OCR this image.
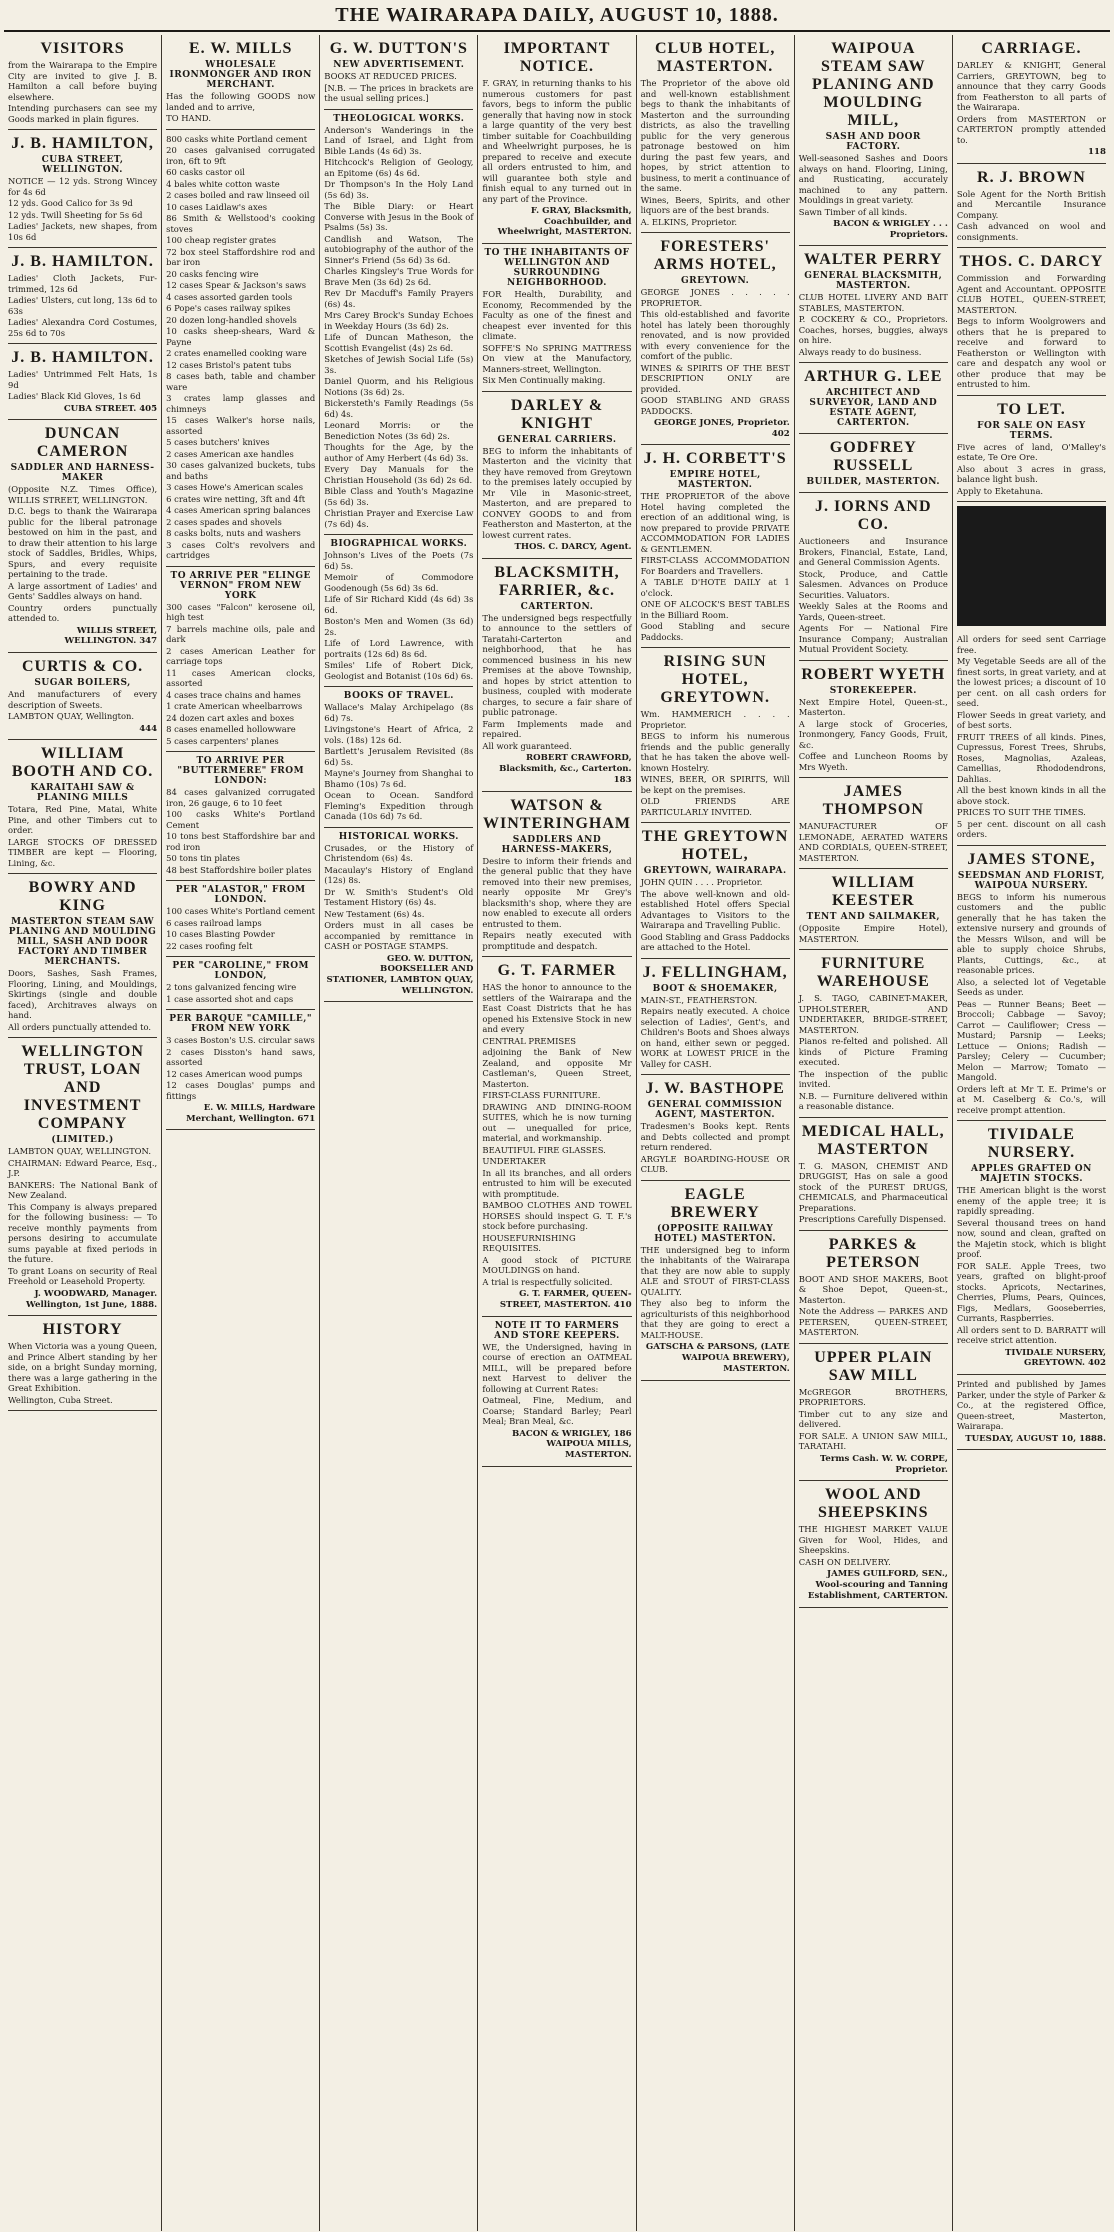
THE WAIRARAPA DAILY, AUGUST 10, 1888.
VISITORS

from the Wairarapa to the Empire City are invited to give J. B. Hamilton a call before buying elsewhere.

Intending purchasers can see my Goods marked in plain figures.

J. B. HAMILTON,
CUBA STREET, WELLINGTON.

NOTICE — 12 yds. Strong Wincey for 4s 6d

12 yds. Good Calico for 3s 9d

12 yds. Twill Sheeting for 5s 6d

Ladies' Jackets, new shapes, from 10s 6d

J. B. HAMILTON.

Ladies' Cloth Jackets, Fur-trimmed, 12s 6d

Ladies' Ulsters, cut long, 13s 6d to 63s

Ladies' Alexandra Cord Costumes, 25s 6d to 70s

J. B. HAMILTON.

Ladies' Untrimmed Felt Hats, 1s 9d

Ladies' Black Kid Gloves, 1s 6d

CUBA STREET. 405

DUNCAN CAMERON
SADDLER AND HARNESS-MAKER

(Opposite N.Z. Times Office), WILLIS STREET, WELLINGTON.

D.C. begs to thank the Wairarapa public for the liberal patronage bestowed on him in the past, and to draw their attention to his large stock of Saddles, Bridles, Whips, Spurs, and every requisite pertaining to the trade.

A large assortment of Ladies' and Gents' Saddles always on hand.

Country orders punctually attended to.

WILLIS STREET, WELLINGTON. 347

CURTIS & CO.
SUGAR BOILERS,

And manufacturers of every description of Sweets.

LAMBTON QUAY, Wellington.

444

WILLIAM BOOTH AND CO.
KARAITAHI SAW & PLANING MILLS

Totara, Red Pine, Matai, White Pine, and other Timbers cut to order.

LARGE STOCKS OF DRESSED TIMBER are kept — Flooring, Lining, &c.

BOWRY AND KING
MASTERTON STEAM SAW PLANING AND MOULDING MILL, SASH AND DOOR FACTORY AND TIMBER MERCHANTS.

Doors, Sashes, Sash Frames, Flooring, Lining, and Mouldings, Skirtings (single and double faced), Architraves always on hand.

All orders punctually attended to.

WELLINGTON TRUST, LOAN AND INVESTMENT COMPANY
(LIMITED.)

LAMBTON QUAY, WELLINGTON.

CHAIRMAN: Edward Pearce, Esq., J.P.

BANKERS: The National Bank of New Zealand.

This Company is always prepared for the following business: — To receive monthly payments from persons desiring to accumulate sums payable at fixed periods in the future.

To grant Loans on security of Real Freehold or Leasehold Property.

J. WOODWARD, Manager. Wellington, 1st June, 1888.

HISTORY

When Victoria was a young Queen, and Prince Albert standing by her side, on a bright Sunday morning, there was a large gathering in the Great Exhibition.

Wellington, Cuba Street.

E. W. MILLS
WHOLESALE IRONMONGER AND IRON MERCHANT.

Has the following GOODS now landed and to arrive,

TO HAND.

800 casks white Portland cement

20 cases galvanised corrugated iron, 6ft to 9ft

60 casks castor oil

4 bales white cotton waste

2 cases boiled and raw linseed oil

10 cases Laidlaw's axes

86 Smith & Wellstood's cooking stoves

100 cheap register grates

72 box steel Staffordshire rod and bar iron

20 casks fencing wire

12 cases Spear & Jackson's saws

4 cases assorted garden tools

6 Pope's cases railway spikes

20 dozen long-handled shovels

10 casks sheep-shears, Ward & Payne

2 crates enamelled cooking ware

12 cases Bristol's patent tubs

8 cases bath, table and chamber ware

3 crates lamp glasses and chimneys

15 cases Walker's horse nails, assorted

5 cases butchers' knives

2 cases American axe handles

30 cases galvanized buckets, tubs and baths

3 cases Howe's American scales

6 crates wire netting, 3ft and 4ft

4 cases American spring balances

2 cases spades and shovels

8 casks bolts, nuts and washers

3 cases Colt's revolvers and cartridges

TO ARRIVE PER "ELINGE VERNON" FROM NEW YORK

300 cases "Falcon" kerosene oil, high test

7 barrels machine oils, pale and dark

2 cases American Leather for carriage tops

11 cases American clocks, assorted

4 cases trace chains and hames

1 crate American wheelbarrows

24 dozen cart axles and boxes

8 cases enamelled hollowware

5 cases carpenters' planes

TO ARRIVE PER "BUTTERMERE" FROM LONDON:

84 cases galvanized corrugated iron, 26 gauge, 6 to 10 feet

100 casks White's Portland Cement

10 tons best Staffordshire bar and rod iron

50 tons tin plates

48 best Staffordshire boiler plates

PER "ALASTOR," FROM LONDON.

100 cases White's Portland cement

6 cases railroad lamps

10 cases Blasting Powder

22 cases roofing felt

PER "CAROLINE," FROM LONDON,

2 tons galvanized fencing wire

1 case assorted shot and caps

PER BARQUE "CAMILLE," FROM NEW YORK

3 cases Boston's U.S. circular saws

2 cases Disston's hand saws, assorted

12 cases American wood pumps

12 cases Douglas' pumps and fittings

E. W. MILLS, Hardware Merchant, Wellington. 671

G. W. DUTTON'S
NEW ADVERTISEMENT.

BOOKS AT REDUCED PRICES.

[N.B. — The prices in brackets are the usual selling prices.]

THEOLOGICAL WORKS.

Anderson's Wanderings in the Land of Israel, and Light from Bible Lands (4s 6d) 3s.

Hitchcock's Religion of Geology, an Epitome (6s) 4s 6d.

Dr Thompson's In the Holy Land (5s 6d) 3s.

The Bible Diary: or Heart Converse with Jesus in the Book of Psalms (5s) 3s.

Candlish and Watson, The autobiography of the author of the Sinner's Friend (5s 6d) 3s 6d.

Charles Kingsley's True Words for Brave Men (3s 6d) 2s 6d.

Rev Dr Macduff's Family Prayers (6s) 4s.

Mrs Carey Brock's Sunday Echoes in Weekday Hours (3s 6d) 2s.

Life of Duncan Matheson, the Scottish Evangelist (4s) 2s 6d.

Sketches of Jewish Social Life (5s) 3s.

Daniel Quorm, and his Religious Notions (3s 6d) 2s.

Bickersteth's Family Readings (5s 6d) 4s.

Leonard Morris: or the Benediction Notes (3s 6d) 2s.

Thoughts for the Age, by the author of Amy Herbert (4s 6d) 3s.

Every Day Manuals for the Christian Household (3s 6d) 2s 6d.

Bible Class and Youth's Magazine (5s 6d) 3s.

Christian Prayer and Exercise Law (7s 6d) 4s.

BIOGRAPHICAL WORKS.

Johnson's Lives of the Poets (7s 6d) 5s.

Memoir of Commodore Goodenough (5s 6d) 3s 6d.

Life of Sir Richard Kidd (4s 6d) 3s 6d.

Boston's Men and Women (3s 6d) 2s.

Life of Lord Lawrence, with portraits (12s 6d) 8s 6d.

Smiles' Life of Robert Dick, Geologist and Botanist (10s 6d) 6s.

BOOKS OF TRAVEL.

Wallace's Malay Archipelago (8s 6d) 7s.

Livingstone's Heart of Africa, 2 vols. (18s) 12s 6d.

Bartlett's Jerusalem Revisited (8s 6d) 5s.

Mayne's Journey from Shanghai to Bhamo (10s) 7s 6d.

Ocean to Ocean. Sandford Fleming's Expedition through Canada (10s 6d) 7s 6d.

HISTORICAL WORKS.

Crusades, or the History of Christendom (6s) 4s.

Macaulay's History of England (12s) 8s.

Dr W. Smith's Student's Old Testament History (6s) 4s.

New Testament (6s) 4s.

Orders must in all cases be accompanied by remittance in CASH or POSTAGE STAMPS.

GEO. W. DUTTON, BOOKSELLER AND STATIONER, LAMBTON QUAY, WELLINGTON.

IMPORTANT NOTICE.

F. GRAY, in returning thanks to his numerous customers for past favors, begs to inform the public generally that having now in stock a large quantity of the very best timber suitable for Coachbuilding and Wheelwright purposes, he is prepared to receive and execute all orders entrusted to him, and will guarantee both style and finish equal to any turned out in any part of the Province.

F. GRAY, Blacksmith, Coachbuilder, and Wheelwright, MASTERTON.

TO THE INHABITANTS OF WELLINGTON AND SURROUNDING NEIGHBORHOOD.

FOR Health, Durability, and Economy, Recommended by the Faculty as one of the finest and cheapest ever invented for this climate.

SOFFE'S No SPRING MATTRESS On view at the Manufactory, Manners-street, Wellington.

Six Men Continually making.

DARLEY & KNIGHT
GENERAL CARRIERS.

BEG to inform the inhabitants of Masterton and the vicinity that they have removed from Greytown to the premises lately occupied by Mr Vile in Masonic-street, Masterton, and are prepared to CONVEY GOODS to and from Featherston and Masterton, at the lowest current rates.

THOS. C. DARCY, Agent.

BLACKSMITH, FARRIER, &c.
CARTERTON.

The undersigned begs respectfully to announce to the settlers of Taratahi-Carterton and neighborhood, that he has commenced business in his new Premises at the above Township, and hopes by strict attention to business, coupled with moderate charges, to secure a fair share of public patronage.

Farm Implements made and repaired.

All work guaranteed.

ROBERT CRAWFORD, Blacksmith, &c., Carterton. 183

WATSON & WINTERINGHAM
SADDLERS AND HARNESS-MAKERS,

Desire to inform their friends and the general public that they have removed into their new premises, nearly opposite Mr Grey's blacksmith's shop, where they are now enabled to execute all orders entrusted to them.

Repairs neatly executed with promptitude and despatch.

G. T. FARMER

HAS the honor to announce to the settlers of the Wairarapa and the East Coast Districts that he has opened his Extensive Stock in new and every

CENTRAL PREMISES

adjoining the Bank of New Zealand, and opposite Mr Castleman's, Queen Street, Masterton.

FIRST-CLASS FURNITURE.

DRAWING AND DINING-ROOM SUITES, which he is now turning out — unequalled for price, material, and workmanship.

BEAUTIFUL FIRE GLASSES.

UNDERTAKER

In all its branches, and all orders entrusted to him will be executed with promptitude.

BAMBOO CLOTHES AND TOWEL HORSES should inspect G. T. F.'s stock before purchasing.

HOUSEFURNISHING REQUISITES.

A good stock of PICTURE MOULDINGS on hand.

A trial is respectfully solicited.

G. T. FARMER, QUEEN-STREET, MASTERTON. 410

NOTE IT TO FARMERS AND STORE KEEPERS.

WE, the Undersigned, having in course of erection an OATMEAL MILL, will be prepared before next Harvest to deliver the following at Current Rates:

Oatmeal, Fine, Medium, and Coarse; Standard Barley; Pearl Meal; Bran Meal, &c.

BACON & WRIGLEY, 186 WAIPOUA MILLS, MASTERTON.

CLUB HOTEL, MASTERTON.

The Proprietor of the above old and well-known establishment begs to thank the inhabitants of Masterton and the surrounding districts, as also the travelling public for the very generous patronage bestowed on him during the past few years, and hopes, by strict attention to business, to merit a continuance of the same.

Wines, Beers, Spirits, and other liquors are of the best brands.

A. ELKINS, Proprietor.

FORESTERS' ARMS HOTEL,
GREYTOWN.

GEORGE JONES . . . . . PROPRIETOR.

This old-established and favorite hotel has lately been thoroughly renovated, and is now provided with every convenience for the comfort of the public.

WINES & SPIRITS OF THE BEST DESCRIPTION ONLY are provided.

GOOD STABLING AND GRASS PADDOCKS.

GEORGE JONES, Proprietor. 402

J. H. CORBETT'S
EMPIRE HOTEL, MASTERTON.

THE PROPRIETOR of the above Hotel having completed the erection of an additional wing, is now prepared to provide PRIVATE ACCOMMODATION FOR LADIES & GENTLEMEN.

FIRST-CLASS ACCOMMODATION For Boarders and Travellers.

A TABLE D'HOTE DAILY at 1 o'clock.

ONE OF ALCOCK'S BEST TABLES in the Billiard Room.

Good Stabling and secure Paddocks.

RISING SUN HOTEL, GREYTOWN.

Wm. HAMMERICH . . . . Proprietor.

BEGS to inform his numerous friends and the public generally that he has taken the above well-known Hostelry.

WINES, BEER, OR SPIRITS, Will be kept on the premises.

OLD FRIENDS ARE PARTICULARLY INVITED.

THE GREYTOWN HOTEL,
GREYTOWN, WAIRARAPA.

JOHN QUIN . . . . Proprietor.

The above well-known and old-established Hotel offers Special Advantages to Visitors to the Wairarapa and Travelling Public.

Good Stabling and Grass Paddocks are attached to the Hotel.

J. FELLINGHAM,
BOOT & SHOEMAKER,

MAIN-ST., FEATHERSTON.

Repairs neatly executed. A choice selection of Ladies', Gent's, and Children's Boots and Shoes always on hand, either sewn or pegged. WORK at LOWEST PRICE in the Valley for CASH.

J. W. BASTHOPE
GENERAL COMMISSION AGENT, MASTERTON.

Tradesmen's Books kept. Rents and Debts collected and prompt return rendered.

ARGYLE BOARDING-HOUSE OR CLUB.

EAGLE BREWERY
(OPPOSITE RAILWAY HOTEL) MASTERTON.

THE undersigned beg to inform the inhabitants of the Wairarapa that they are now able to supply ALE and STOUT of FIRST-CLASS QUALITY.

They also beg to inform the agriculturists of this neighborhood that they are going to erect a MALT-HOUSE.

GATSCHA & PARSONS, (LATE WAIPOUA BREWERY), MASTERTON.

WAIPOUA STEAM SAW PLANING AND MOULDING MILL,
SASH AND DOOR FACTORY.

Well-seasoned Sashes and Doors always on hand. Flooring, Lining, and Rusticating, accurately machined to any pattern. Mouldings in great variety.

Sawn Timber of all kinds.

BACON & WRIGLEY . . . Proprietors.

WALTER PERRY
GENERAL BLACKSMITH, MASTERTON.

CLUB HOTEL LIVERY AND BAIT STABLES, MASTERTON.

P. COCKERY & CO., Proprietors. Coaches, horses, buggies, always on hire.

Always ready to do business.

ARTHUR G. LEE
ARCHITECT AND SURVEYOR, LAND AND ESTATE AGENT, CARTERTON.
GODFREY RUSSELL
BUILDER, MASTERTON.
J. IORNS AND CO.

Auctioneers and Insurance Brokers, Financial, Estate, Land, and General Commission Agents.

Stock, Produce, and Cattle Salesmen. Advances on Produce Securities. Valuators.

Weekly Sales at the Rooms and Yards, Queen-street.

Agents For — National Fire Insurance Company; Australian Mutual Provident Society.

ROBERT WYETH
STOREKEEPER.

Next Empire Hotel, Queen-st., Masterton.

A large stock of Groceries, Ironmongery, Fancy Goods, Fruit, &c.

Coffee and Luncheon Rooms by Mrs Wyeth.

JAMES THOMPSON

MANUFACTURER OF LEMONADE, AERATED WATERS AND CORDIALS, QUEEN-STREET, MASTERTON.

WILLIAM KEESTER
TENT AND SAILMAKER,

(Opposite Empire Hotel), MASTERTON.

FURNITURE WAREHOUSE

J. S. TAGO, CABINET-MAKER, UPHOLSTERER, AND UNDERTAKER, BRIDGE-STREET, MASTERTON.

Pianos re-felted and polished. All kinds of Picture Framing executed.

The inspection of the public invited.

N.B. — Furniture delivered within a reasonable distance.

MEDICAL HALL, MASTERTON

T. G. MASON, CHEMIST AND DRUGGIST, Has on sale a good stock of the PUREST DRUGS, CHEMICALS, and Pharmaceutical Preparations.

Prescriptions Carefully Dispensed.

PARKES & PETERSON

BOOT AND SHOE MAKERS, Boot & Shoe Depot, Queen-st., Masterton.

Note the Address — PARKES AND PETERSEN, QUEEN-STREET, MASTERTON.

UPPER PLAIN SAW MILL

McGREGOR BROTHERS, PROPRIETORS.

Timber cut to any size and delivered.

FOR SALE. A UNION SAW MILL, TARATAHI.

Terms Cash. W. W. CORPE, Proprietor.

WOOL AND SHEEPSKINS

THE HIGHEST MARKET VALUE Given for Wool, Hides, and Sheepskins.

CASH ON DELIVERY.

JAMES GUILFORD, SEN., Wool-scouring and Tanning Establishment, CARTERTON.

CARRIAGE.

DARLEY & KNIGHT, General Carriers, GREYTOWN, beg to announce that they carry Goods from Featherston to all parts of the Wairarapa.

Orders from MASTERTON or CARTERTON promptly attended to.

118

R. J. BROWN

Sole Agent for the North British and Mercantile Insurance Company.

Cash advanced on wool and consignments.

THOS. C. DARCY

Commission and Forwarding Agent and Accountant. OPPOSITE CLUB HOTEL, QUEEN-STREET, MASTERTON.

Begs to inform Woolgrowers and others that he is prepared to receive and forward to Featherston or Wellington with care and despatch any wool or other produce that may be entrusted to him.

TO LET.
FOR SALE ON EASY TERMS.

Five acres of land, O'Malley's estate, Te Ore Ore.

Also about 3 acres in grass, balance light bush.

Apply to Eketahuna.

All orders for seed sent Carriage free.

My Vegetable Seeds are all of the finest sorts, in great variety, and at the lowest prices; a discount of 10 per cent. on all cash orders for seed.

Flower Seeds in great variety, and of best sorts.

FRUIT TREES of all kinds. Pines, Cupressus, Forest Trees, Shrubs, Roses, Magnolias, Azaleas, Camellias, Rhododendrons, Dahlias.

All the best known kinds in all the above stock.

PRICES TO SUIT THE TIMES.

5 per cent. discount on all cash orders.

JAMES STONE,
SEEDSMAN AND FLORIST, WAIPOUA NURSERY.

BEGS to inform his numerous customers and the public generally that he has taken the extensive nursery and grounds of the Messrs Wilson, and will be able to supply choice Shrubs, Plants, Cuttings, &c., at reasonable prices.

Also, a selected lot of Vegetable Seeds as under.

Peas — Runner Beans; Beet — Broccoli; Cabbage — Savoy; Carrot — Cauliflower; Cress — Mustard; Parsnip — Leeks; Lettuce — Onions; Radish — Parsley; Celery — Cucumber; Melon — Marrow; Tomato — Mangold.

Orders left at Mr T. E. Prime's or at M. Caselberg & Co.'s, will receive prompt attention.

TIVIDALE NURSERY.
APPLES GRAFTED ON MAJETIN STOCKS.

THE American blight is the worst enemy of the apple tree; it is rapidly spreading.

Several thousand trees on hand now, sound and clean, grafted on the Majetin stock, which is blight proof.

FOR SALE. Apple Trees, two years, grafted on blight-proof stocks. Apricots, Nectarines, Cherries, Plums, Pears, Quinces, Figs, Medlars, Gooseberries, Currants, Raspberries.

All orders sent to D. BARRATT will receive strict attention.

TIVIDALE NURSERY, GREYTOWN. 402

Printed and published by James Parker, under the style of Parker & Co., at the registered Office, Queen-street, Masterton, Wairarapa.

TUESDAY, AUGUST 10, 1888.
